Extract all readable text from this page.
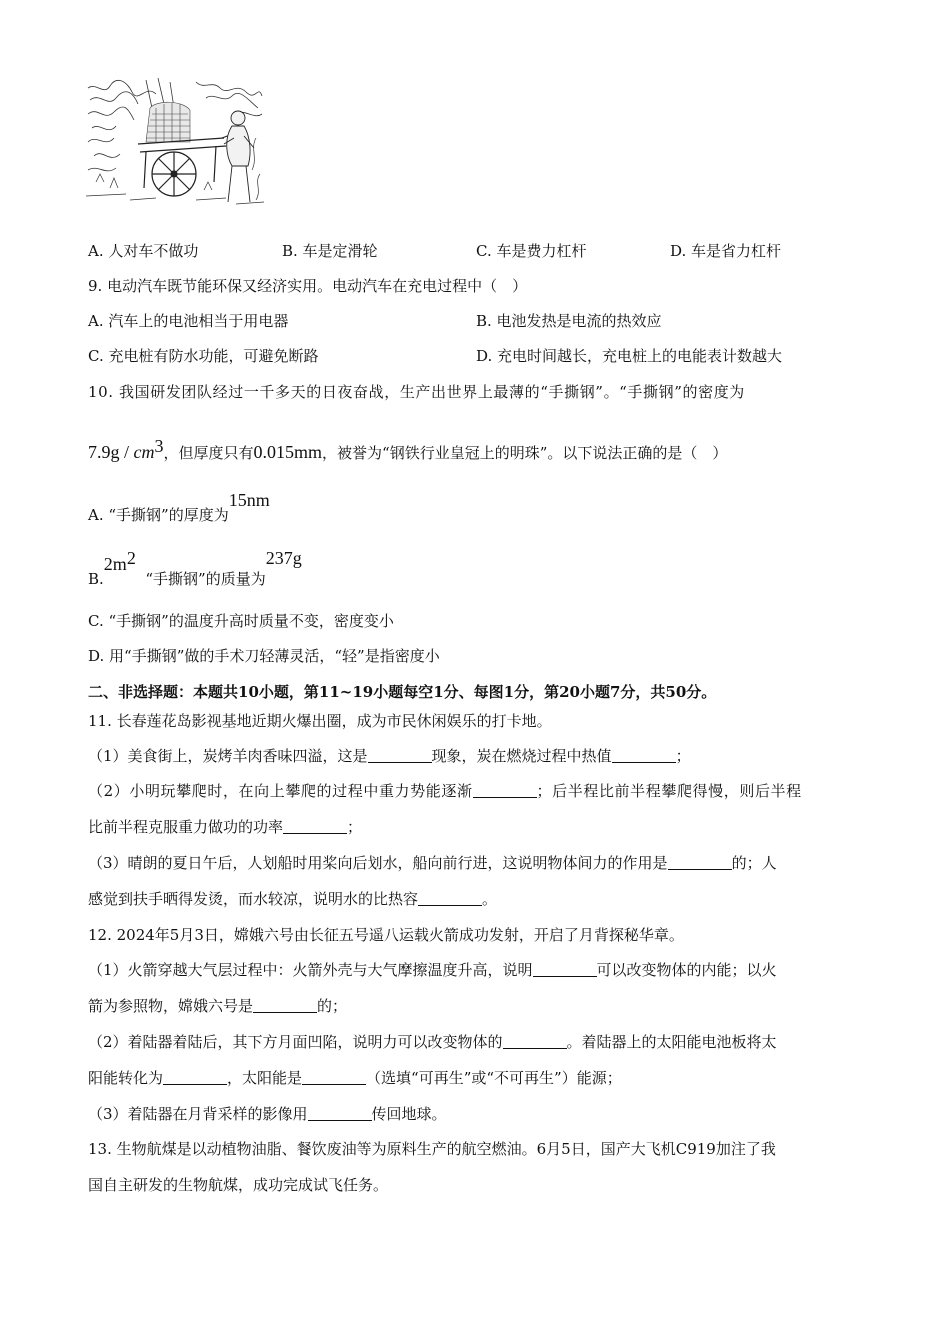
A. 人对车不做功	B. 车是定滑轮	C. 车是费力杠杆	D. 车是省力杠杆
9. 电动汽车既节能环保又经济实用。电动汽车在充电过程中（　）
A. 汽车上的电池相当于用电器	B. 电池发热是电流的热效应
C. 充电桩有防水功能，可避免断路	D. 充电时间越长，充电桩上的电能表计数越大
10. 我国研发团队经过一千多天的日夜奋战，生产出世界上最薄的“手撕钢”。“手撕钢”的密度为
$7.9g / cm^3$，但厚度只有0.015mm，被誉为“钢铁行业皇冠上的明珠”。以下说法正确的是（　）
A. “手撕钢”的厚度为15nm
$B.2m^2$  “手撕钢”的质量为237g
C. “手撕钢”的温度升高时质量不变，密度变小
D. 用“手撕钢”做的手术刀轻薄灵活，“轻”是指密度小
二、非选择题：本题共10小题，第11~19小题每空1分、每图1分，第20小题7分，共50分。
11. 长春莲花岛影视基地近期火爆出圈，成为市民休闲娱乐的打卡地。
（1）美食街上，炭烤羊肉香味四溢，这是	现象，炭在燃烧过程中热值	；
（2）小明玩攀爬时，在向上攀爬的过程中重力势能逐渐	；后半程比前半程攀爬得慢，则后半程
比前半程克服重力做功的功率	；
（3）晴朗的夏日午后，人划船时用桨向后划水，船向前行进，这说明物体间力的作用是	的；人
感觉到扶手晒得发烫，而水较凉，说明水的比热容	。
12. 2024年5月3日，嫦娥六号由长征五号遥八运载火箭成功发射，开启了月背探秘华章。
（1）火箭穿越大气层过程中：火箭外壳与大气摩擦温度升高，说明	可以改变物体的内能；以火
箭为参照物，嫦娥六号是	的；
（2）着陆器着陆后，其下方月面凹陷，说明力可以改变物体的	。着陆器上的太阳能电池板将太
阳能转化为	，太阳能是	（选填“可再生”或“不可再生”）能源；
（3）着陆器在月背采样的影像用	传回地球。
13. 生物航煤是以动植物油脂、餐饮废油等为原料生产的航空燃油。6月5日，国产大飞机C919加注了我
国自主研发的生物航煤，成功完成试飞任务。
